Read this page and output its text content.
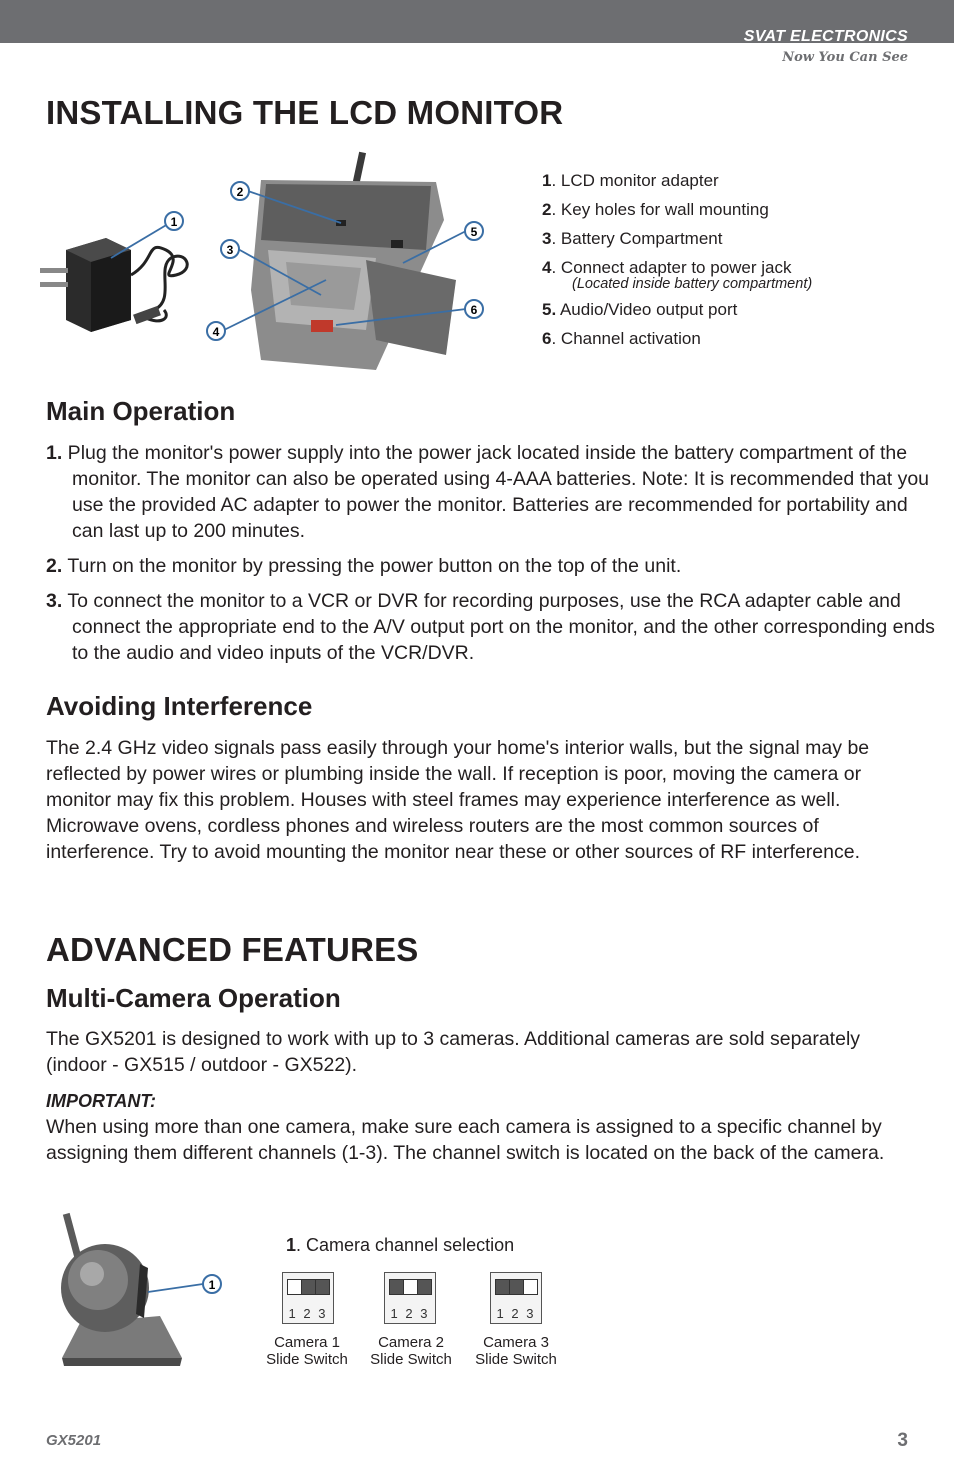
SVAT ELECTRONICS
Now You Can See
INSTALLING THE LCD MONITOR
1
2
3
4
5
6
1. LCD monitor adapter
2. Key holes for wall mounting
3. Battery Compartment
4. Connect adapter to power jack
(Located inside battery compartment)
5. Audio/Video output port
6. Channel activation
Main Operation

1. Plug the monitor's power supply into the power jack located inside the battery compartment of the monitor. The monitor can also be operated using 4-AAA batteries. Note: It is recommended that you use the provided AC adapter to power the monitor. Batteries are recommended for portability and can last up to 200 minutes.

2. Turn on the monitor by pressing the power button on the top of the unit.

3. To connect the monitor to a VCR or DVR for recording purposes, use the RCA adapter cable and connect the appropriate end to the A/V output port on the monitor, and the other corresponding ends to the audio and video inputs of the VCR/DVR.

Avoiding Interference

The 2.4 GHz video signals pass easily through your home's interior walls, but the signal may be reflected by power wires or plumbing inside the wall. If reception is poor, moving the camera or monitor may fix this problem. Houses with steel frames may experience interference as well. Microwave ovens, cordless phones and wireless routers are the most common sources of interference. Try to avoid mounting the monitor near these or other sources of RF interference.

ADVANCED FEATURES
Multi-Camera Operation

The GX5201 is designed to work with up to 3 cameras. Additional cameras are sold separately (indoor - GX515 / outdoor - GX522).

IMPORTANT:

When using more than one camera, make sure each camera is assigned to a specific channel by assigning them different channels (1-3). The channel switch is located on the back of the camera.

1
1. Camera channel selection
1 2 3	1 2 3	1 2 3
Camera 1
Slide Switch
Camera 2
Slide Switch
Camera 3
Slide Switch
GX5201	3
